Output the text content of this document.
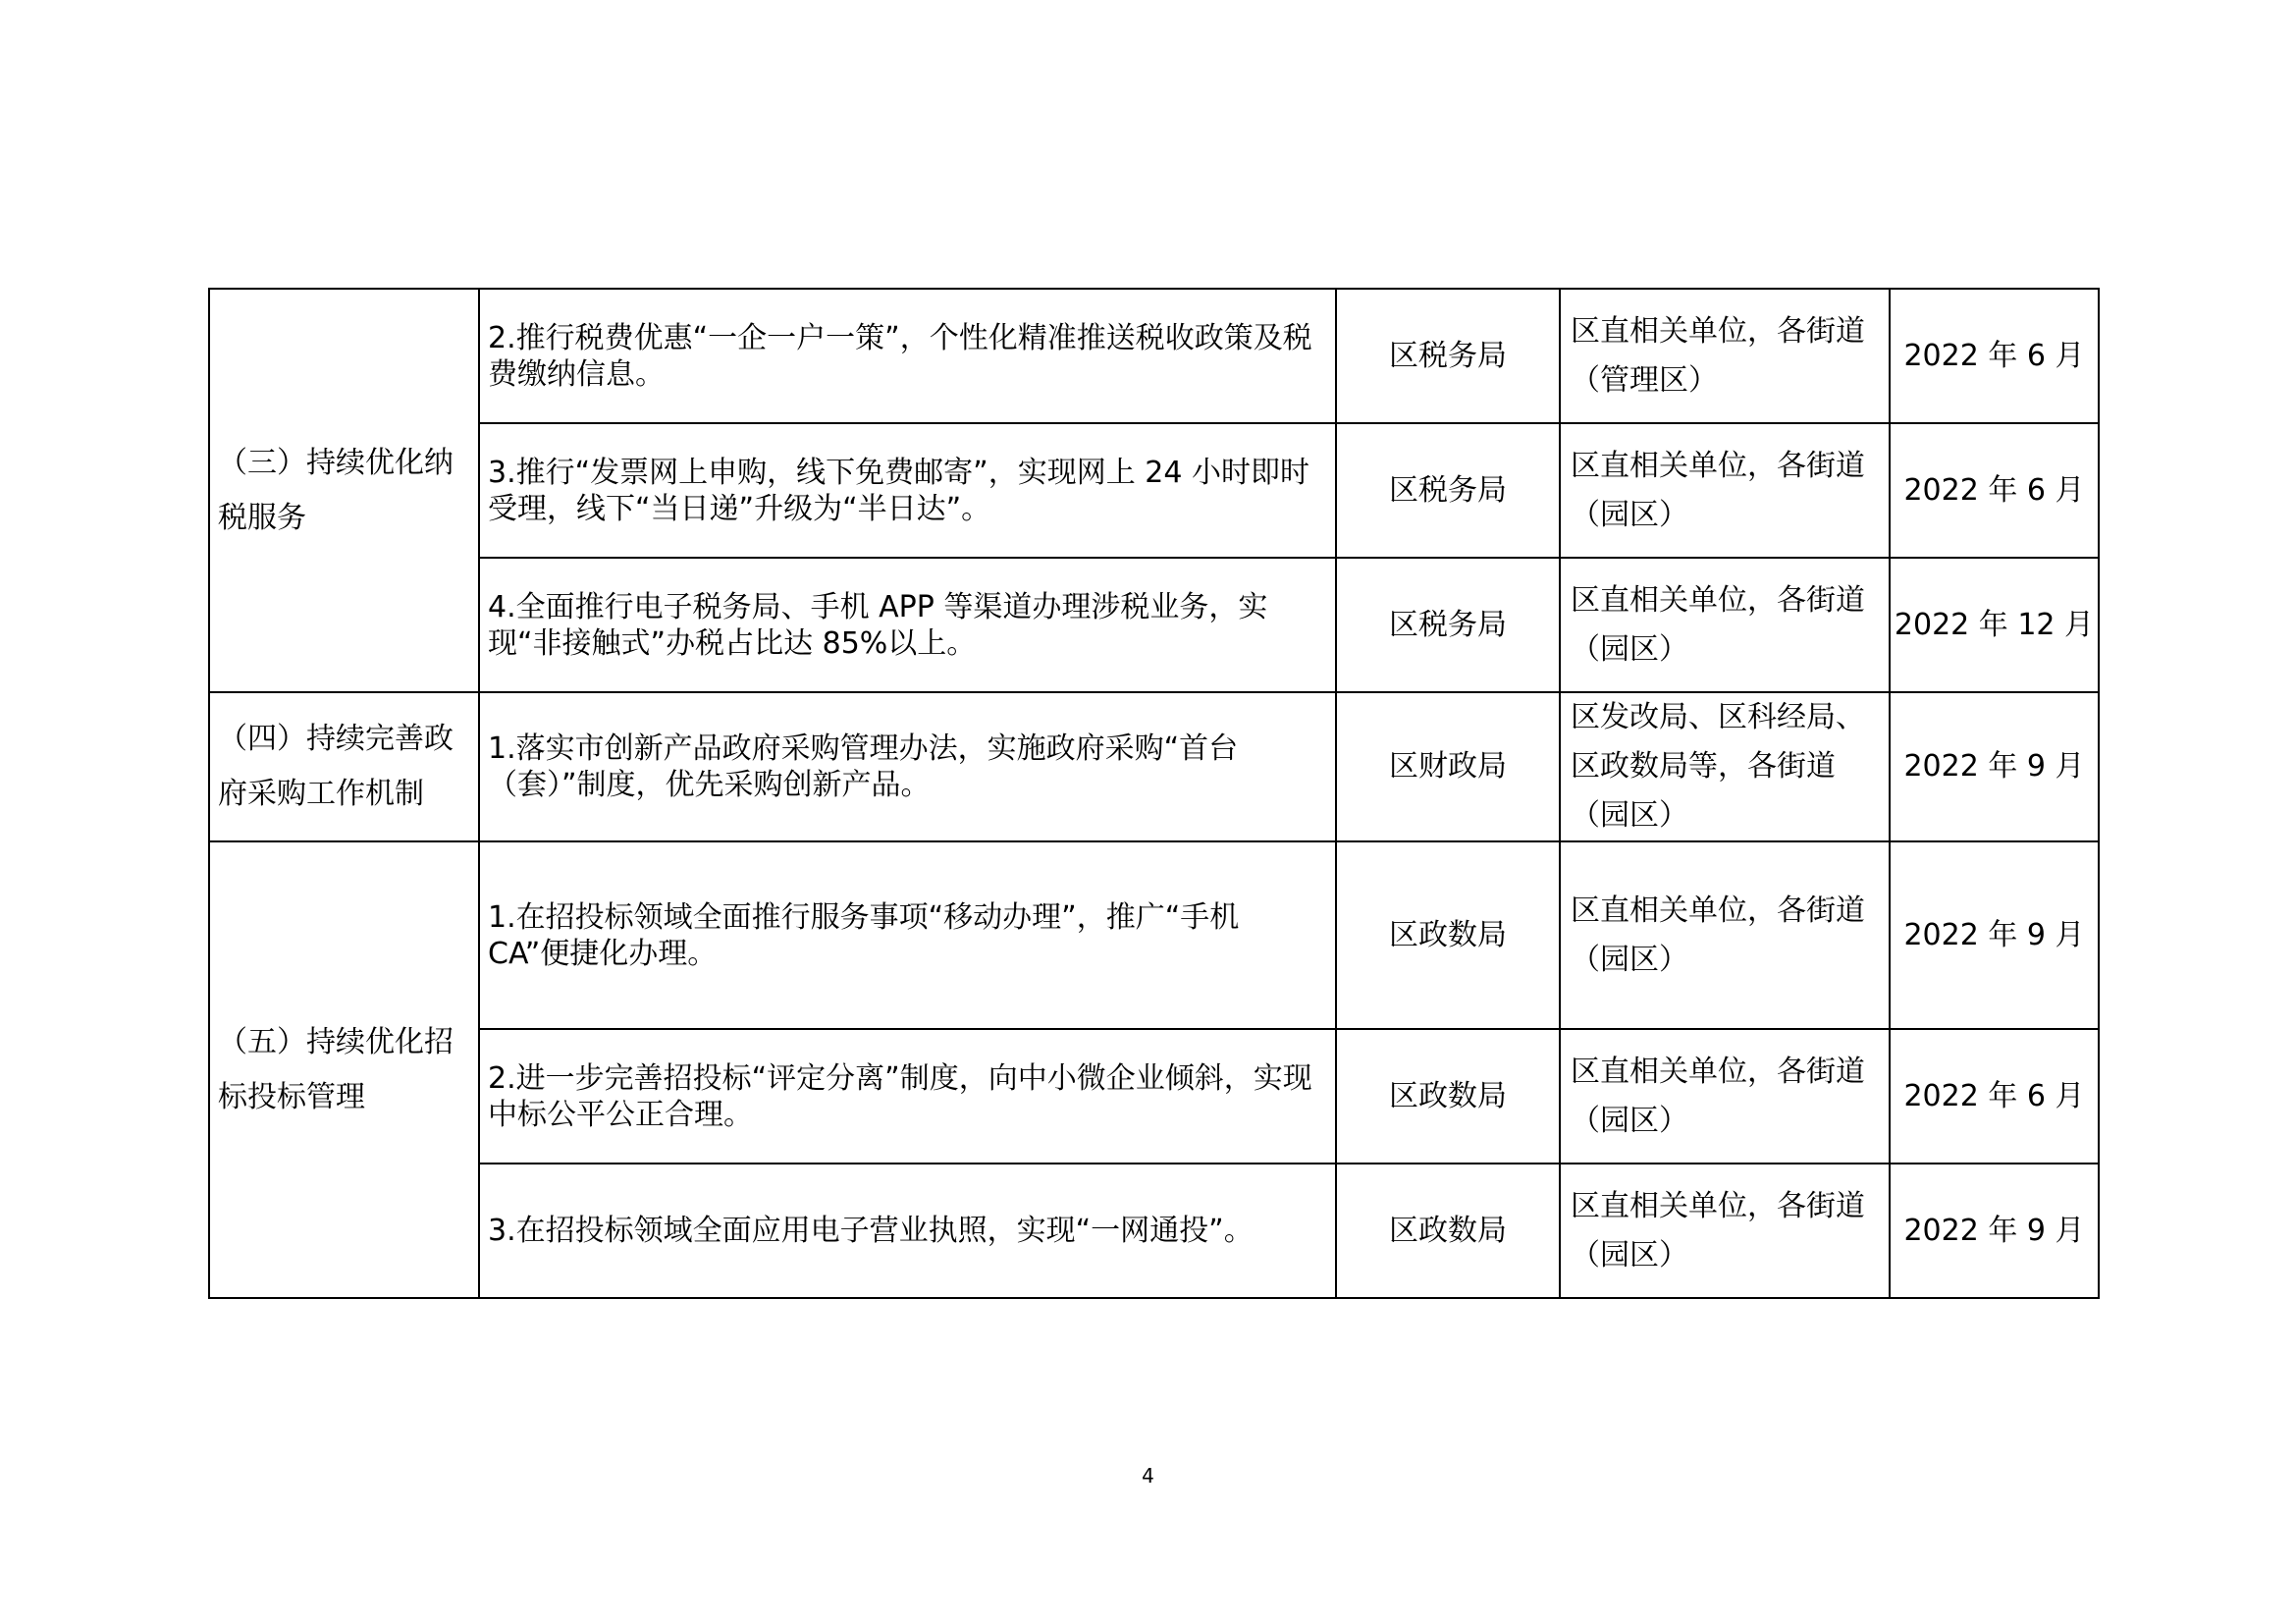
（三）持续优化纳税服务	2.推行税费优惠“一企一户一策”，个性化精准推送税收政策及税费缴纳信息。	区税务局	区直相关单位，各街道（管理区）	2022 年 6 月
	3.推行“发票网上申购，线下免费邮寄”，实现网上 24 小时即时受理，线下“当日递”升级为“半日达”。	区税务局	区直相关单位，各街道（园区）	2022 年 6 月
	4.全面推行电子税务局、手机 APP 等渠道办理涉税业务，实现“非接触式”办税占比达 85%以上。	区税务局	区直相关单位，各街道（园区）	2022 年 12 月
（四）持续完善政府采购工作机制	1.落实市创新产品政府采购管理办法，实施政府采购“首台（套）”制度，优先采购创新产品。	区财政局	区发改局、区科经局、区政数局等，各街道（园区）	2022 年 9 月
（五）持续优化招标投标管理	1.在招投标领域全面推行服务事项“移动办理”，推广“手机 CA”便捷化办理。	区政数局	区直相关单位，各街道（园区）	2022 年 9 月
	2.进一步完善招投标“评定分离”制度，向中小微企业倾斜，实现中标公平公正合理。	区政数局	区直相关单位，各街道（园区）	2022 年 6 月
	3.在招投标领域全面应用电子营业执照，实现“一网通投”。	区政数局	区直相关单位，各街道（园区）	2022 年 9 月
4
